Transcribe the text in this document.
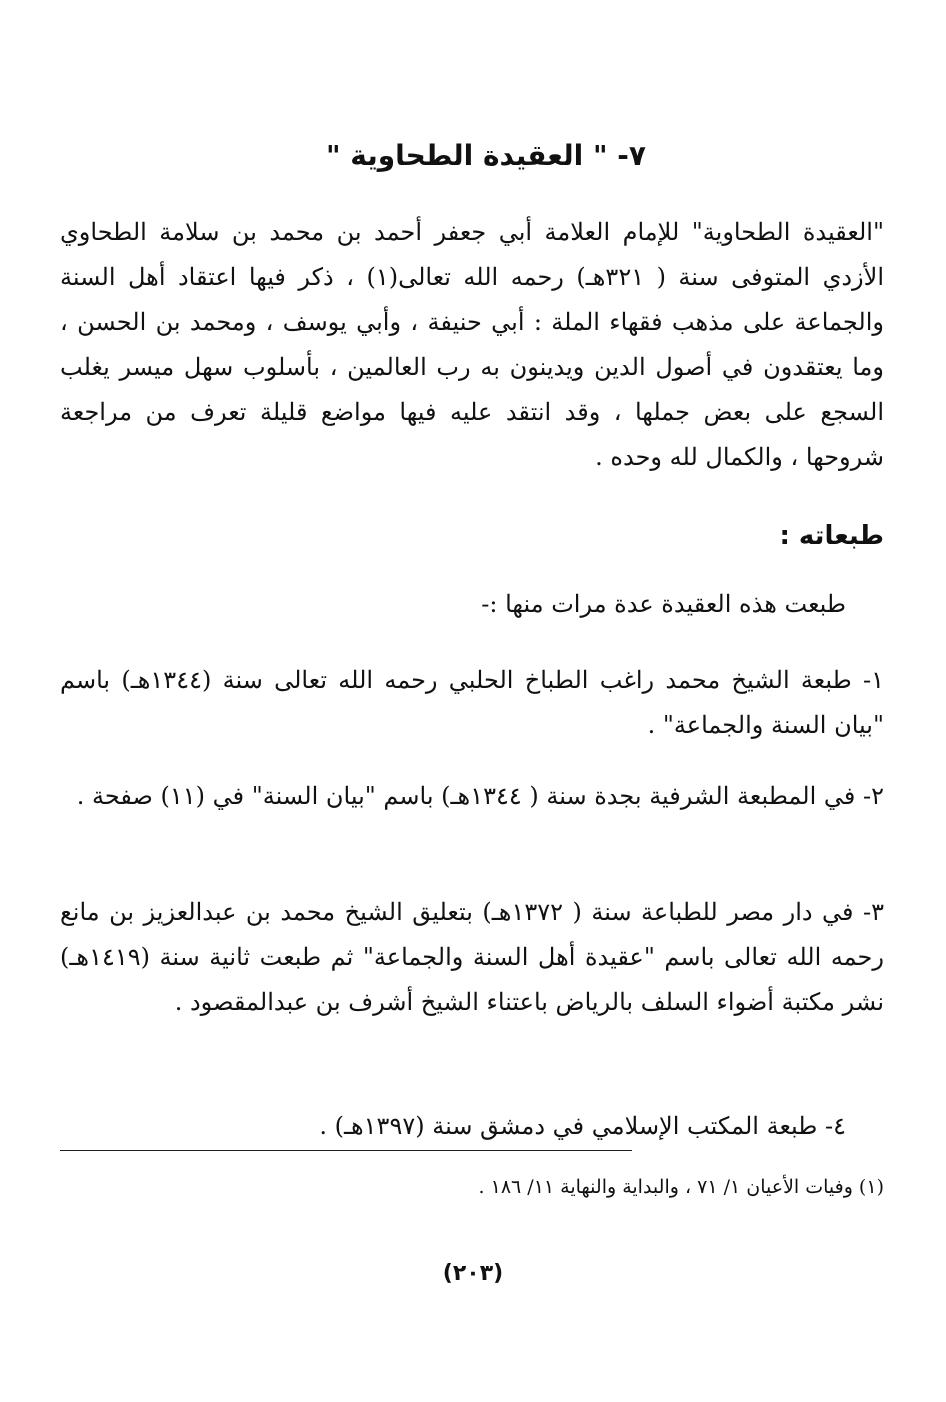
٧- " العقيدة الطحاوية "

"العقيدة الطحاوية" للإمام العلامة أبي جعفر أحمد بن محمد بن سلامة الطحاوي الأزدي المتوفى سنة ( ٣٢١هـ) رحمه الله تعالى(١) ، ذكر فيها اعتقاد أهل السنة والجماعة على مذهب فقهاء الملة : أبي حنيفة ، وأبي يوسف ، ومحمد بن الحسن ، وما يعتقدون في أصول الدين ويدينون به رب العالمين ، بأسلوب سهل ميسر يغلب السجع على بعض جملها ، وقد انتقد عليه فيها مواضع قليلة تعرف من مراجعة شروحها ، والكمال لله وحده .

طبعاته :

طبعت هذه العقيدة عدة مرات منها :-

١- طبعة الشيخ محمد راغب الطباخ الحلبي رحمه الله تعالى سنة (١٣٤٤هـ) باسم "بيان السنة والجماعة" .

٢- في المطبعة الشرفية بجدة سنة ( ١٣٤٤هـ) باسم "بيان السنة" في (١١) صفحة .

٣- في دار مصر للطباعة سنة ( ١٣٧٢هـ) بتعليق الشيخ محمد بن عبدالعزيز بن مانع رحمه الله تعالى باسم "عقيدة أهل السنة والجماعة" ثم طبعت ثانية سنة (١٤١٩هـ) نشر مكتبة أضواء السلف بالرياض باعتناء الشيخ أشرف بن عبدالمقصود .

٤- طبعة المكتب الإسلامي في دمشق سنة (١٣٩٧هـ) .

(١) وفيات الأعيان ١/ ٧١ ، والبداية والنهاية ١١/ ١٨٦ .

(٢٠٣)
